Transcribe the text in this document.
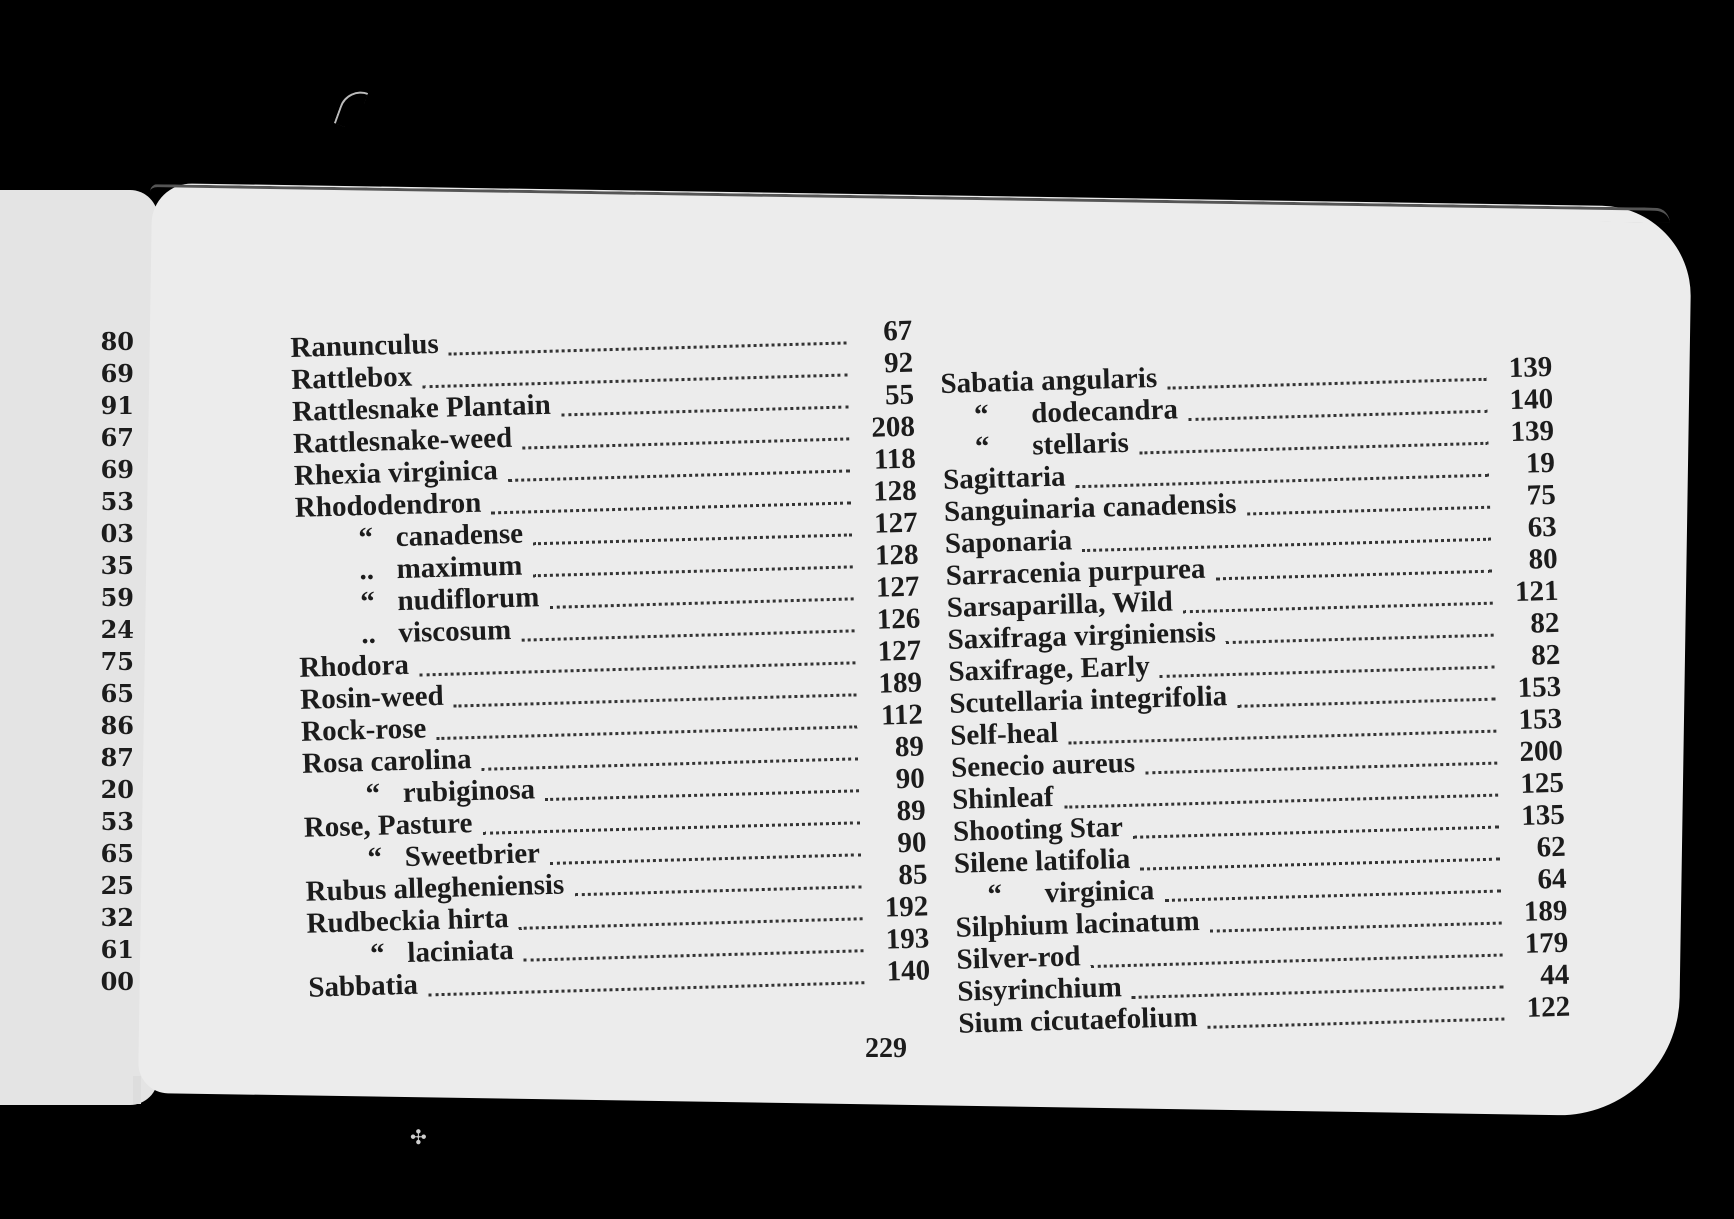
80
69
91
67
69
53
03
35
59
24
75
65
86
87
20
53
65
25
32
61
00
✣
Ranunculus	67
Rattlebox	92
Rattlesnake Plantain	55
Rattlesnake-weed	208
Rhexia virginica	118
Rhododendron	128
“ canadense	127
.. maximum	128
“ nudiflorum	127
.. viscosum	126
Rhodora	127
Rosin-weed	189
Rock-rose	112
Rosa carolina	89
“ rubiginosa	90
Rose, Pasture	89
“ Sweetbrier	90
Rubus allegheniensis	85
Rudbeckia hirta	192
“ laciniata	193
Sabbatia	140
Sabatia angularis	139
“ dodecandra	140
“ stellaris	139
Sagittaria	19
Sanguinaria canadensis	75
Saponaria	63
Sarracenia purpurea	80
Sarsaparilla, Wild	121
Saxifraga virginiensis	82
Saxifrage, Early	82
Scutellaria integrifolia	153
Self-heal	153
Senecio aureus	200
Shinleaf	125
Shooting Star	135
Silene latifolia	62
“ virginica	64
Silphium lacinatum	189
Silver-rod	179
Sisyrinchium	44
Sium cicutaefolium	122
229
